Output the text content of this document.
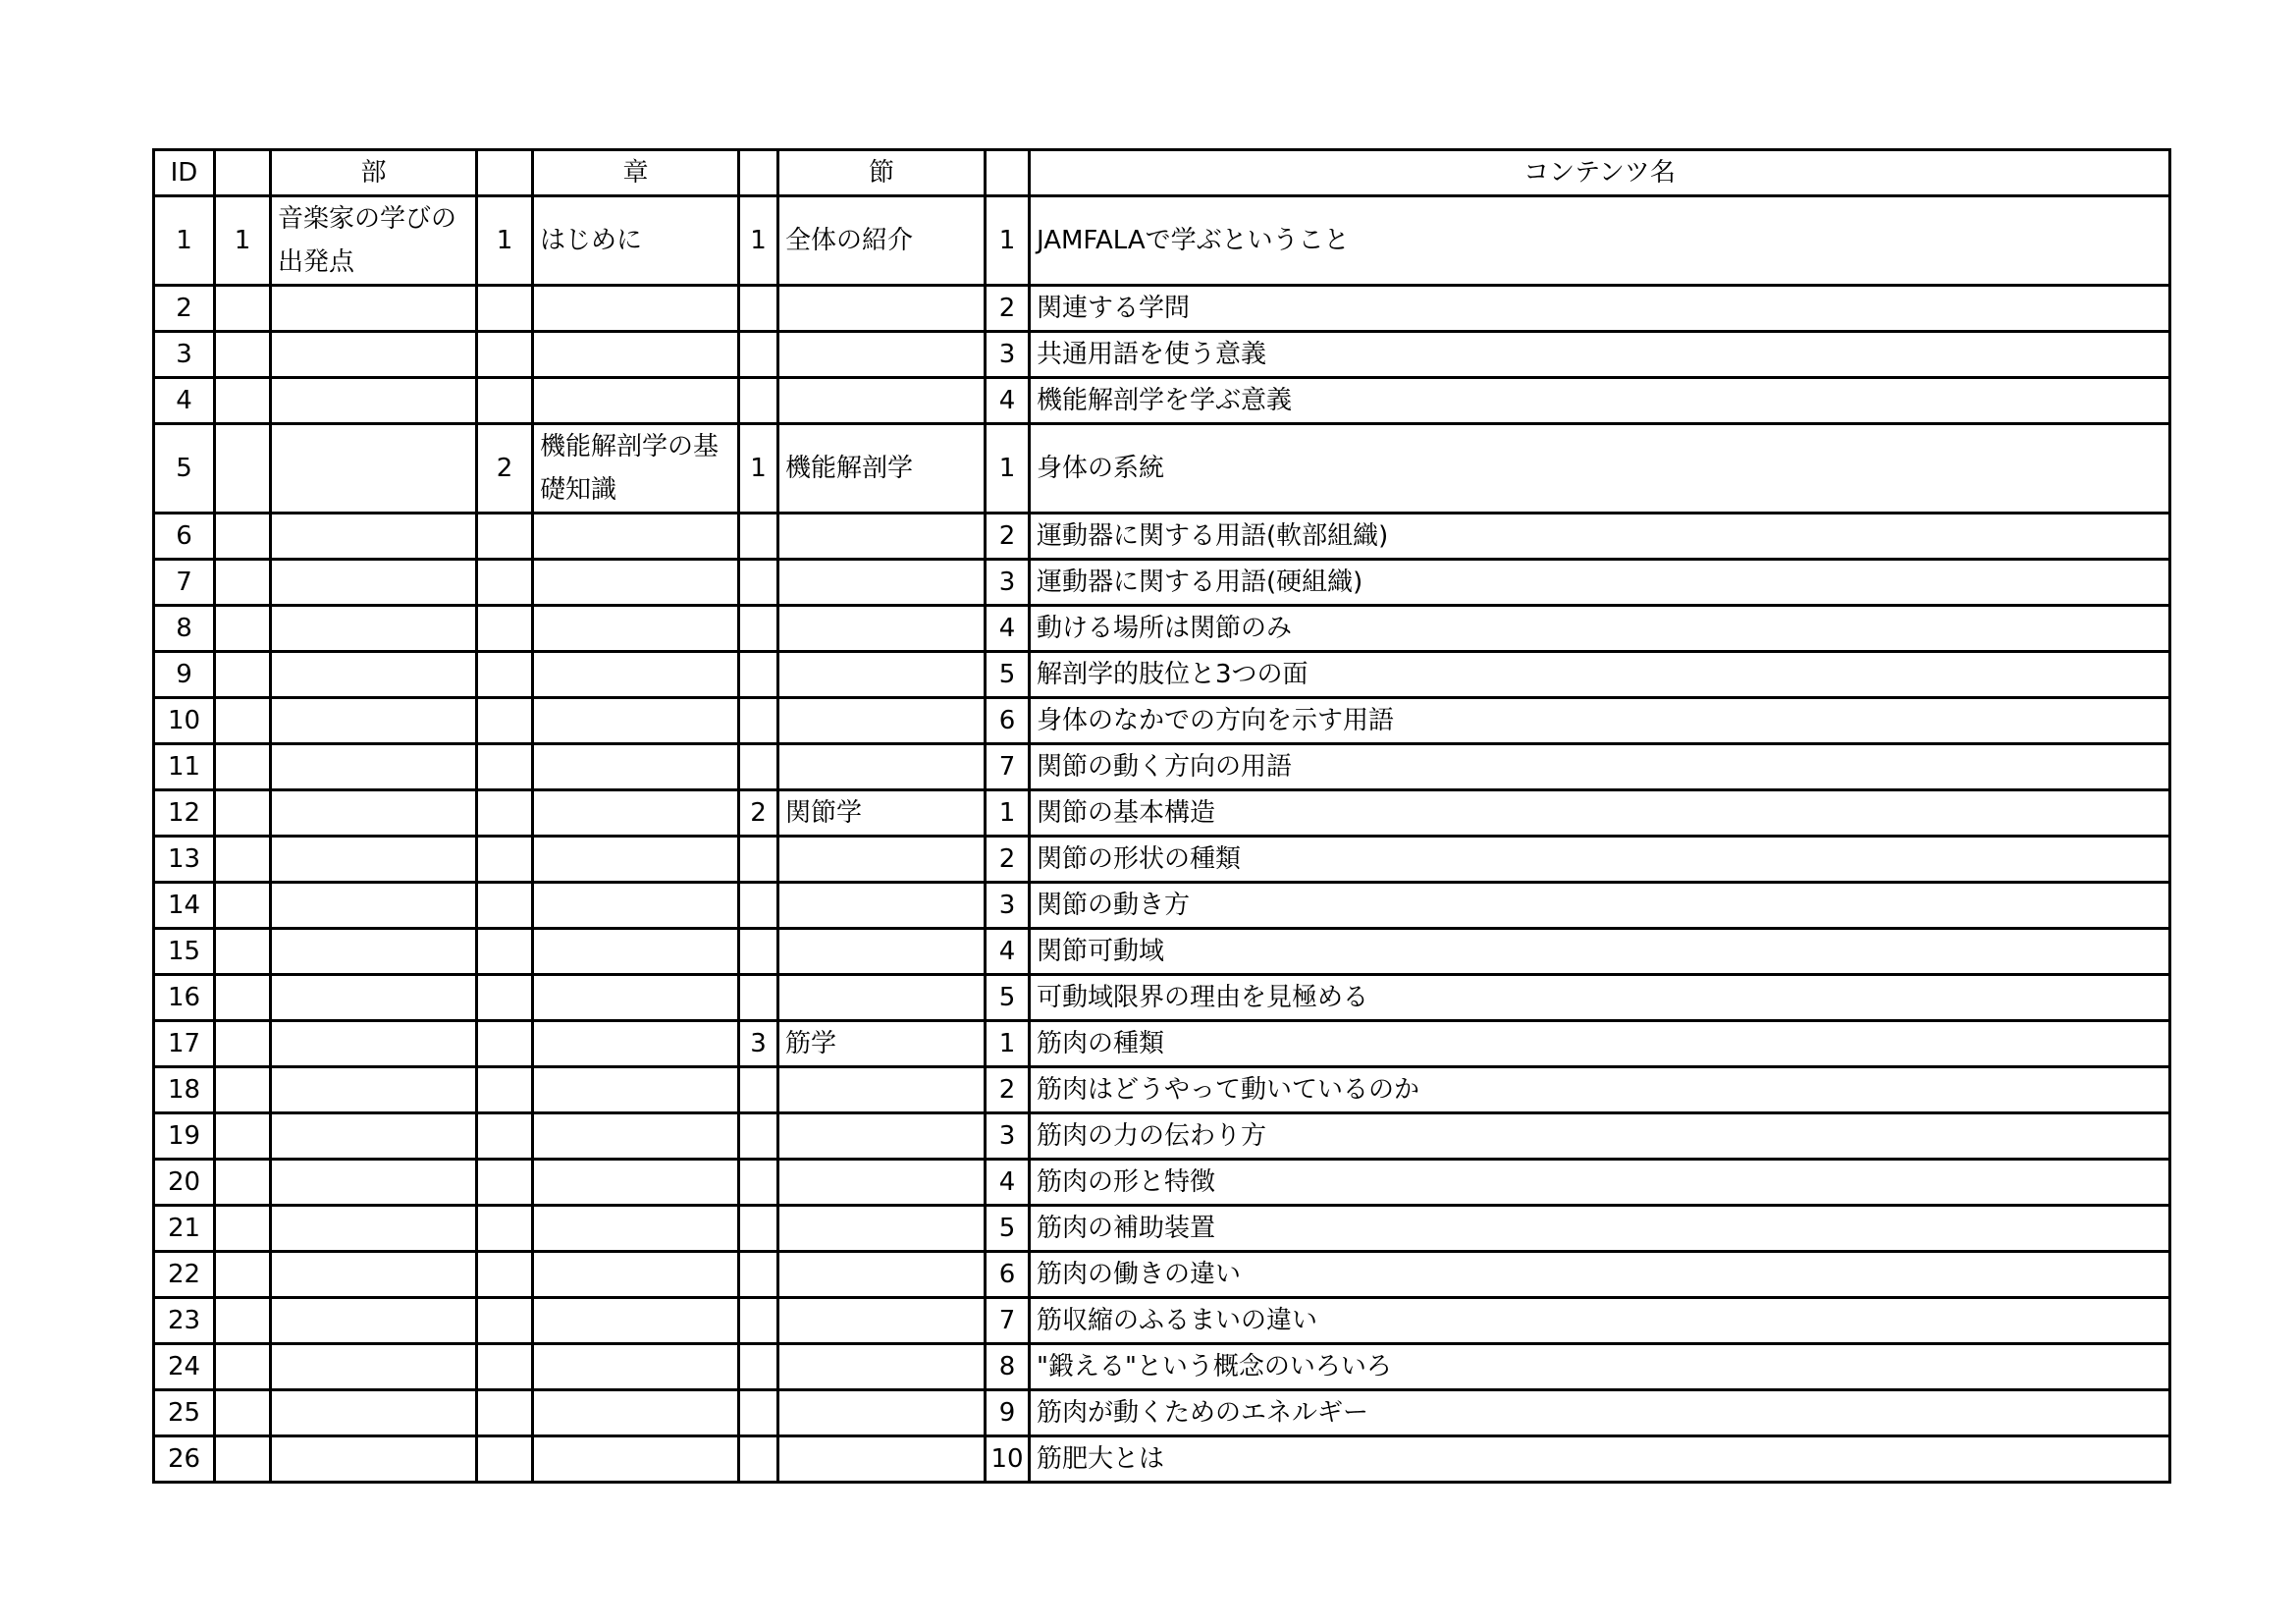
ID		部		章		節		コンテンツ名
1	1	音楽家の学びの出発点	1	はじめに	1	全体の紹介	1	JAMFALAで学ぶということ
2							2	関連する学問
3							3	共通用語を使う意義
4							4	機能解剖学を学ぶ意義
5			2	機能解剖学の基礎知識	1	機能解剖学	1	身体の系統
6							2	運動器に関する用語(軟部組織)
7							3	運動器に関する用語(硬組織)
8							4	動ける場所は関節のみ
9							5	解剖学的肢位と3つの面
10							6	身体のなかでの方向を示す用語
11							7	関節の動く方向の用語
12					2	関節学	1	関節の基本構造
13							2	関節の形状の種類
14							3	関節の動き方
15							4	関節可動域
16							5	可動域限界の理由を見極める
17					3	筋学	1	筋肉の種類
18							2	筋肉はどうやって動いているのか
19							3	筋肉の力の伝わり方
20							4	筋肉の形と特徴
21							5	筋肉の補助装置
22							6	筋肉の働きの違い
23							7	筋収縮のふるまいの違い
24							8	"鍛える"という概念のいろいろ
25							9	筋肉が動くためのエネルギー
26							10	筋肥大とは
